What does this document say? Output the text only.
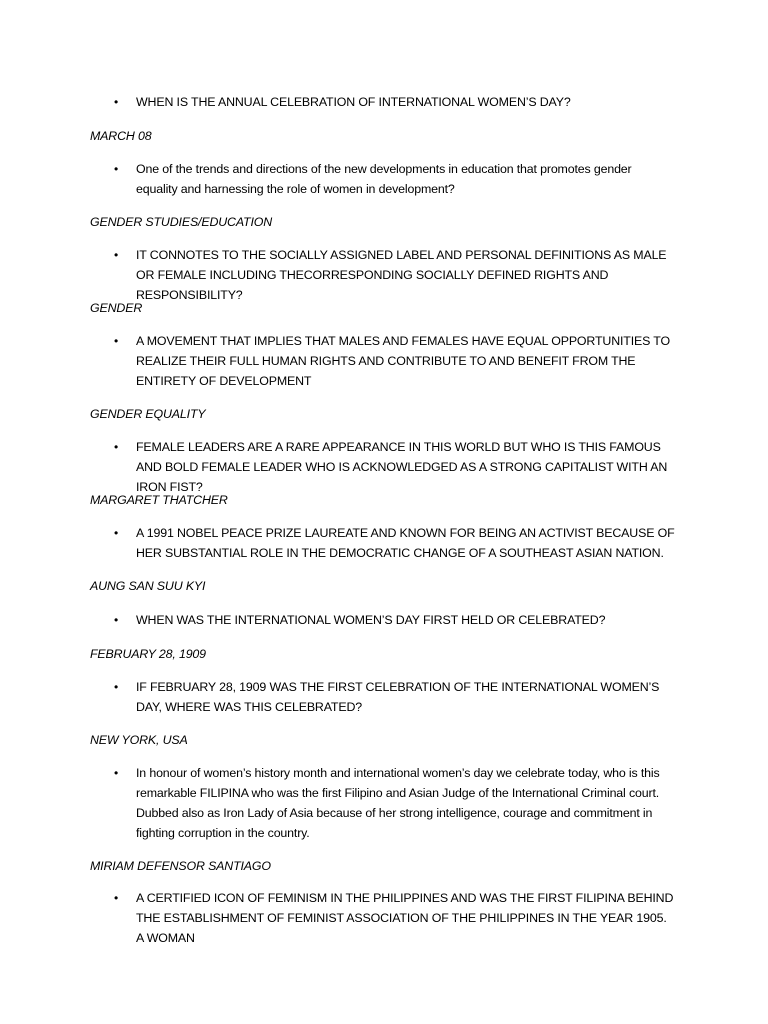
•	WHEN IS THE ANNUAL CELEBRATION OF INTERNATIONAL WOMEN’S DAY?

MARCH 08

•	One of the trends and directions of the new developments in education that promotes gender equality and harnessing the role of women in development?

GENDER STUDIES/EDUCATION

•	IT CONNOTES TO THE SOCIALLY ASSIGNED LABEL AND PERSONAL DEFINITIONS AS MALE OR FEMALE INCLUDING THECORRESPONDING SOCIALLY DEFINED RIGHTS AND RESPONSIBILITY?

GENDER

•	A MOVEMENT THAT IMPLIES THAT MALES AND FEMALES HAVE EQUAL OPPORTUNITIES TO REALIZE THEIR FULL HUMAN RIGHTS AND CONTRIBUTE TO AND BENEFIT FROM THE ENTIRETY OF DEVELOPMENT

GENDER EQUALITY

•	FEMALE LEADERS ARE A RARE APPEARANCE IN THIS WORLD BUT WHO IS THIS FAMOUS AND BOLD FEMALE LEADER WHO IS ACKNOWLEDGED AS A STRONG CAPITALIST WITH AN IRON FIST?

MARGARET THATCHER

•	A 1991 NOBEL PEACE PRIZE LAUREATE AND KNOWN FOR BEING AN ACTIVIST BECAUSE OF HER SUBSTANTIAL ROLE IN THE DEMOCRATIC CHANGE OF A SOUTHEAST ASIAN NATION.

AUNG SAN SUU KYI

•	WHEN WAS THE INTERNATIONAL WOMEN’S DAY FIRST HELD OR CELEBRATED?

FEBRUARY 28, 1909

•	IF FEBRUARY 28, 1909 WAS THE FIRST CELEBRATION OF THE INTERNATIONAL WOMEN’S DAY, WHERE WAS THIS CELEBRATED?

NEW YORK, USA

•	In honour of women’s history month and international women’s day we celebrate today, who is this remarkable FILIPINA who was the first Filipino and Asian Judge of the International Criminal court. Dubbed also as Iron Lady of Asia because of her strong intelligence, courage and commitment in fighting corruption in the country.

MIRIAM DEFENSOR SANTIAGO

•	A CERTIFIED ICON OF FEMINISM IN THE PHILIPPINES AND WAS THE FIRST FILIPINA BEHIND THE ESTABLISHMENT OF FEMINIST ASSOCIATION OF THE PHILIPPINES IN THE YEAR 1905. A WOMAN
